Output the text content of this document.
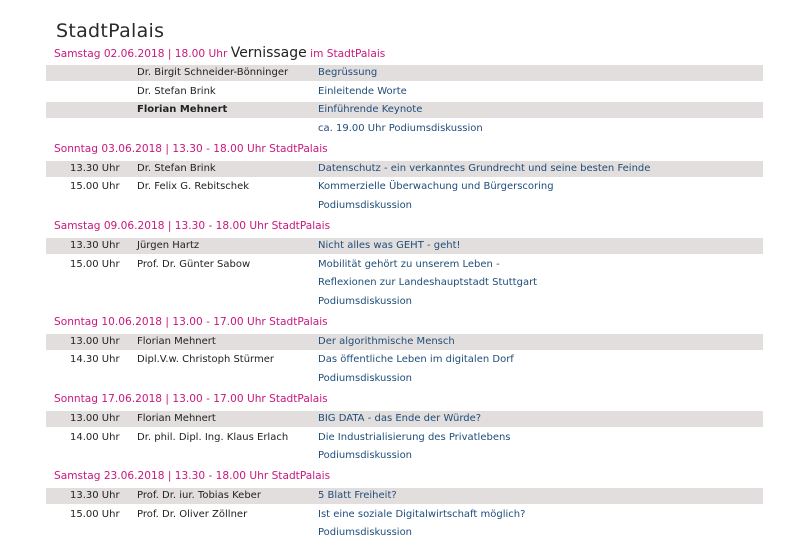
StadtPalais
Samstag 02.06.2018 | 18.00 Uhr Vernissage im StadtPalais
Dr. Birgit Schneider-Bönninger	Begrüssung
Dr. Stefan Brink	Einleitende Worte
Florian Mehnert	Einführende Keynote
ca. 19.00 Uhr Podiumsdiskussion
Sonntag 03.06.2018 | 13.30 - 18.00 Uhr StadtPalais
13.30 Uhr Dr. Stefan Brink	Datenschutz - ein verkanntes Grundrecht und seine besten Feinde
15.00 Uhr Dr. Felix G. Rebitschek	Kommerzielle Überwachung und Bürgerscoring
Podiumsdiskussion
Samstag 09.06.2018 | 13.30 - 18.00 Uhr StadtPalais
13.30 Uhr Jürgen Hartz	Nicht alles was GEHT - geht!
15.00 Uhr Prof. Dr. Günter Sabow	Mobilität gehört zu unserem Leben -
Reflexionen zur Landeshauptstadt Stuttgart
Podiumsdiskussion
Sonntag 10.06.2018 | 13.00 - 17.00 Uhr StadtPalais
13.00 Uhr Florian Mehnert	Der algorithmische Mensch
14.30 Uhr Dipl.V.w. Christoph Stürmer	Das öffentliche Leben im digitalen Dorf
Podiumsdiskussion
Sonntag 17.06.2018 | 13.00 - 17.00 Uhr StadtPalais
13.00 Uhr Florian Mehnert	BIG DATA - das Ende der Würde?
14.00 Uhr Dr. phil. Dipl. Ing. Klaus Erlach	Die Industrialisierung des Privatlebens
Podiumsdiskussion
Samstag 23.06.2018 | 13.30 - 18.00 Uhr StadtPalais
13.30 Uhr Prof. Dr. iur. Tobias Keber	5 Blatt Freiheit?
15.00 Uhr Prof. Dr. Oliver Zöllner	Ist eine soziale Digitalwirtschaft möglich?
Podiumsdiskussion
